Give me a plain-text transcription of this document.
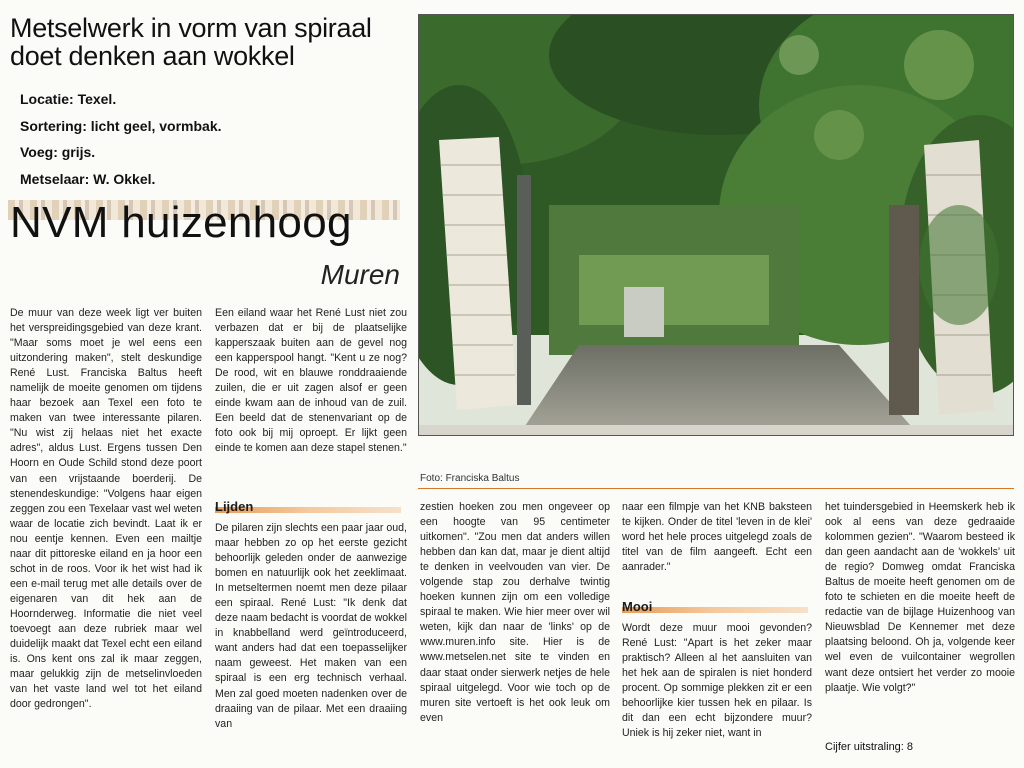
Metselwerk in vorm van spiraal doet denken aan wokkel
Locatie: Texel.
Sortering: licht geel, vormbak.
Voeg: grijs.
Metselaar: W. Okkel.
NVM huizenhoog
Muren

De muur van deze week ligt ver buiten het verspreidingsgebied van deze krant. "Maar soms moet je wel eens een uitzondering maken", stelt deskundige René Lust. Franciska Baltus heeft namelijk de moeite genomen om tijdens haar bezoek aan Texel een foto te maken van twee interessante pilaren. "Nu wist zij helaas niet het exacte adres", aldus Lust. Ergens tussen Den Hoorn en Oude Schild stond deze poort van een vrijstaande boerderij. De stenendeskundige: "Volgens haar eigen zeggen zou een Texelaar vast wel weten waar de locatie zich bevindt. Laat ik er nou eentje kennen. Even een mailtje naar dit pittoreske eiland en ja hoor een schot in de roos. Voor ik het wist had ik een e-mail terug met alle details over de eigenaren van dit hek aan de Hoornderweg. Informatie die niet veel toevoegt aan deze rubriek maar wel duidelijk maakt dat Texel echt een eiland is. Ons kent ons zal ik maar zeggen, maar gelukkig zijn de metselinvloeden van het vaste land wel tot het eiland door gedrongen".

Een eiland waar het René Lust niet zou verbazen dat er bij de plaatselijke kapperszaak buiten aan de gevel nog een kapperspool hangt. "Kent u ze nog? De rood, wit en blauwe ronddraaiende zuilen, die er uit zagen alsof er geen einde kwam aan de inhoud van de zuil. Een beeld dat de stenenvariant op de foto ook bij mij oproept. Er lijkt geen einde te komen aan deze stapel stenen."

Lijden

De pilaren zijn slechts een paar jaar oud, maar hebben zo op het eerste gezicht behoorlijk geleden onder de aanwezige bomen en natuurlijk ook het zeeklimaat. In metseltermen noemt men deze pilaar een spiraal. René Lust: "Ik denk dat deze naam bedacht is voordat de wokkel in knabbelland werd geïntroduceerd, want anders had dat een toepasselijker naam geweest. Het maken van een spiraal is een erg technisch verhaal. Men zal goed moeten nadenken over de draaiing van de pilaar. Met een draaiing van

Foto: Franciska Baltus

zestien hoeken zou men ongeveer op een hoogte van 95 centimeter uitkomen". "Zou men dat anders willen hebben dan kan dat, maar je dient altijd te denken in veelvouden van vier. De volgende stap zou derhalve twintig hoeken kunnen zijn om een volledige spiraal te maken. Wie hier meer over wil weten, kijk dan naar de 'links' op de www.muren.info site. Hier is de www.metselen.net site te vinden en daar staat onder sierwerk netjes de hele spiraal uitgelegd. Voor wie toch op de muren site vertoeft is het ook leuk om even

naar een filmpje van het KNB baksteen te kijken. Onder de titel 'leven in de klei' word het hele proces uitgelegd zoals de titel van de film aangeeft. Echt een aanrader."

Mooi

Wordt deze muur mooi gevonden? René Lust: "Apart is het zeker maar praktisch? Alleen al het aansluiten van het hek aan de spiralen is niet honderd procent. Op sommige plekken zit er een behoorlijke kier tussen hek en pilaar. Is dit dan een echt bijzondere muur? Uniek is hij zeker niet, want in

het tuindersgebied in Heemskerk heb ik ook al eens van deze gedraaide kolommen gezien". "Waarom besteed ik dan geen aandacht aan de 'wokkels' uit de regio? Domweg omdat Franciska Baltus de moeite heeft genomen om de foto te schieten en die moeite heeft de redactie van de bijlage Huizenhoog van Nieuwsblad De Kennemer met deze plaatsing beloond. Oh ja, volgende keer wel even de vuilcontainer wegrollen want deze ontsiert het verder zo mooie plaatje. Wie volgt?"

Cijfer uitstraling: 8
